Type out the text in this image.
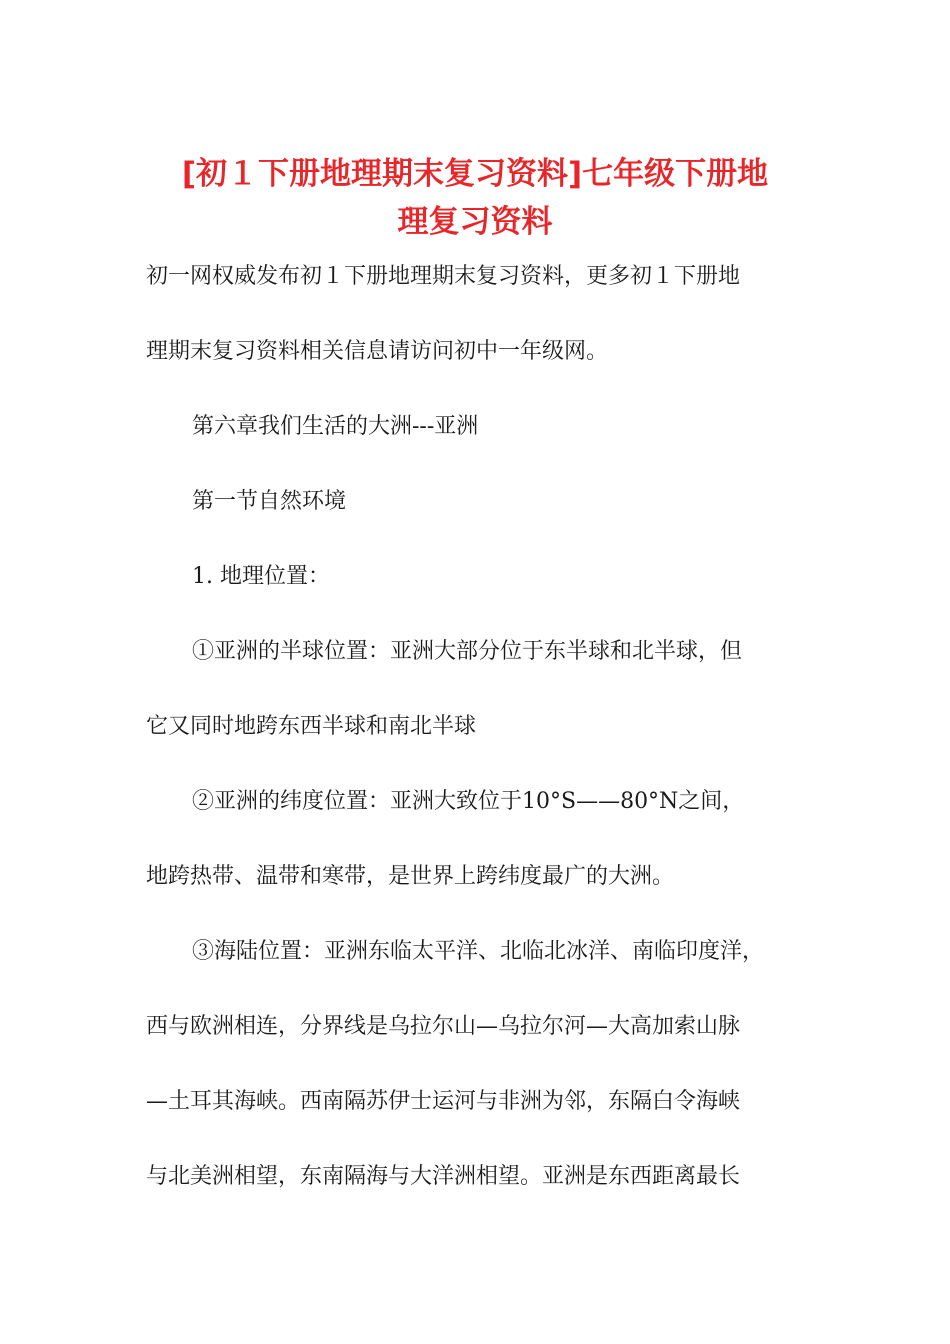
[初１下册地理期末复习资料]七年级下册地
理复习资料

初一网权威发布初１下册地理期末复习资料，更多初１下册地

理期末复习资料相关信息请访问初中一年级网。

第六章我们生活的大洲---亚洲

第一节自然环境

1. 地理位置：

①亚洲的半球位置：亚洲大部分位于东半球和北半球，但

它又同时地跨东西半球和南北半球

②亚洲的纬度位置：亚洲大致位于10°S——80°N之间，

地跨热带、温带和寒带，是世界上跨纬度最广的大洲。

③海陆位置：亚洲东临太平洋、北临北冰洋、南临印度洋，

西与欧洲相连，分界线是乌拉尔山—乌拉尔河—大高加索山脉

—土耳其海峡。西南隔苏伊士运河与非洲为邻，东隔白令海峡

与北美洲相望，东南隔海与大洋洲相望。亚洲是东西距离最长
